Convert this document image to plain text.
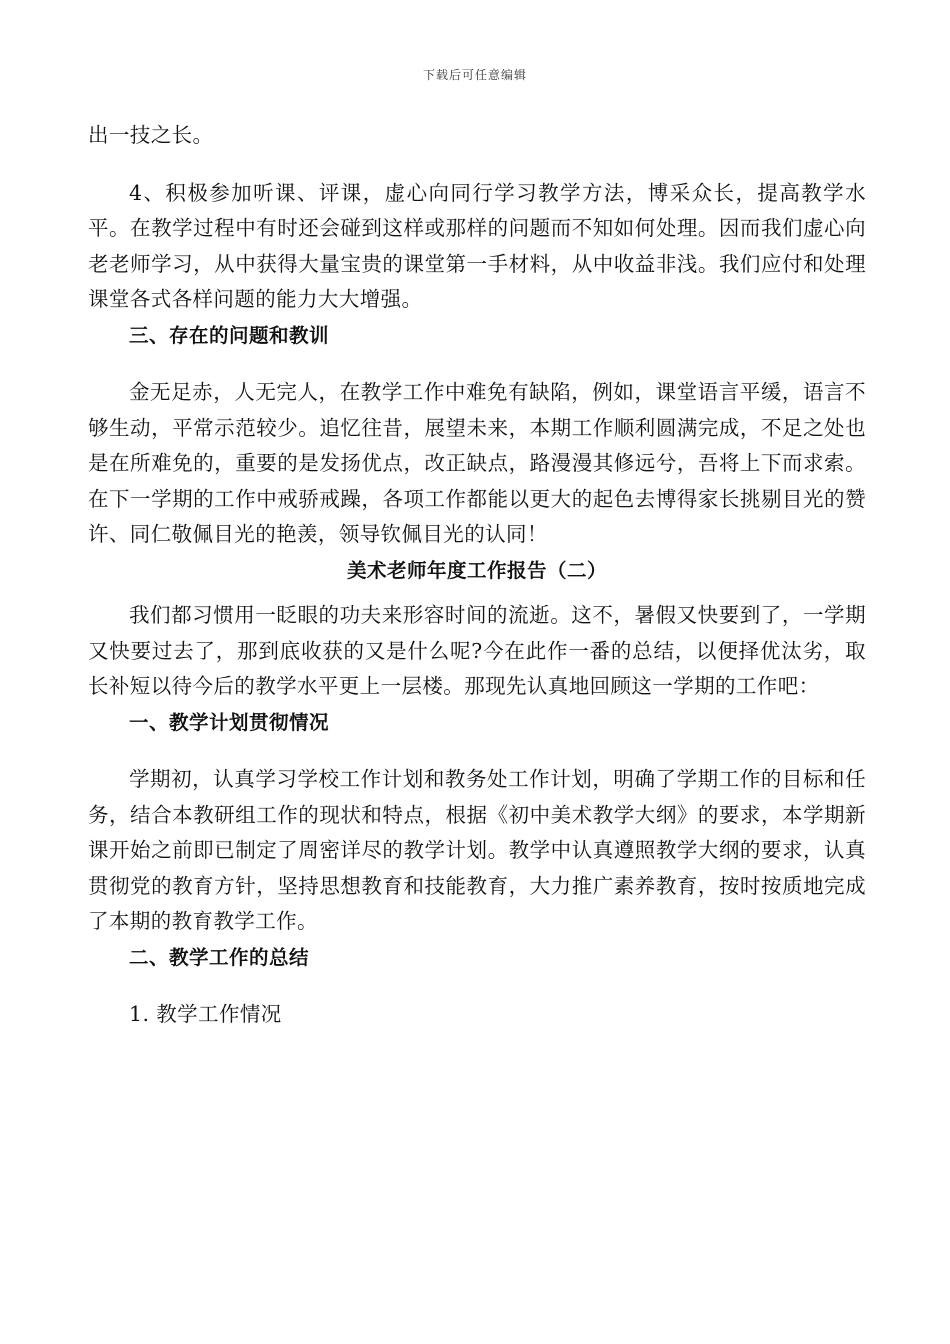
下载后可任意编辑

出一技之长。

4、积极参加听课、评课，虚心向同行学习教学方法，博采众长，提高教学水平。在教学过程中有时还会碰到这样或那样的问题而不知如何处理。因而我们虚心向老老师学习，从中获得大量宝贵的课堂第一手材料，从中收益非浅。我们应付和处理课堂各式各样问题的能力大大增强。

三、存在的问题和教训

金无足赤，人无完人，在教学工作中难免有缺陷，例如，课堂语言平缓，语言不够生动，平常示范较少。追忆往昔，展望未来，本期工作顺利圆满完成，不足之处也是在所难免的，重要的是发扬优点，改正缺点，路漫漫其修远兮，吾将上下而求索。在下一学期的工作中戒骄戒躁，各项工作都能以更大的起色去博得家长挑剔目光的赞许、同仁敬佩目光的艳羡，领导钦佩目光的认同！

美术老师年度工作报告（二）

我们都习惯用一眨眼的功夫来形容时间的流逝。这不，暑假又快要到了，一学期又快要过去了，那到底收获的又是什么呢?今在此作一番的总结，以便择优汰劣，取长补短以待今后的教学水平更上一层楼。那现先认真地回顾这一学期的工作吧：

一、教学计划贯彻情况

学期初，认真学习学校工作计划和教务处工作计划，明确了学期工作的目标和任务，结合本教研组工作的现状和特点，根据《初中美术教学大纲》的要求，本学期新课开始之前即已制定了周密详尽的教学计划。教学中认真遵照教学大纲的要求，认真贯彻党的教育方针，坚持思想教育和技能教育，大力推广素养教育，按时按质地完成了本期的教育教学工作。

二、教学工作的总结

1. 教学工作情况
